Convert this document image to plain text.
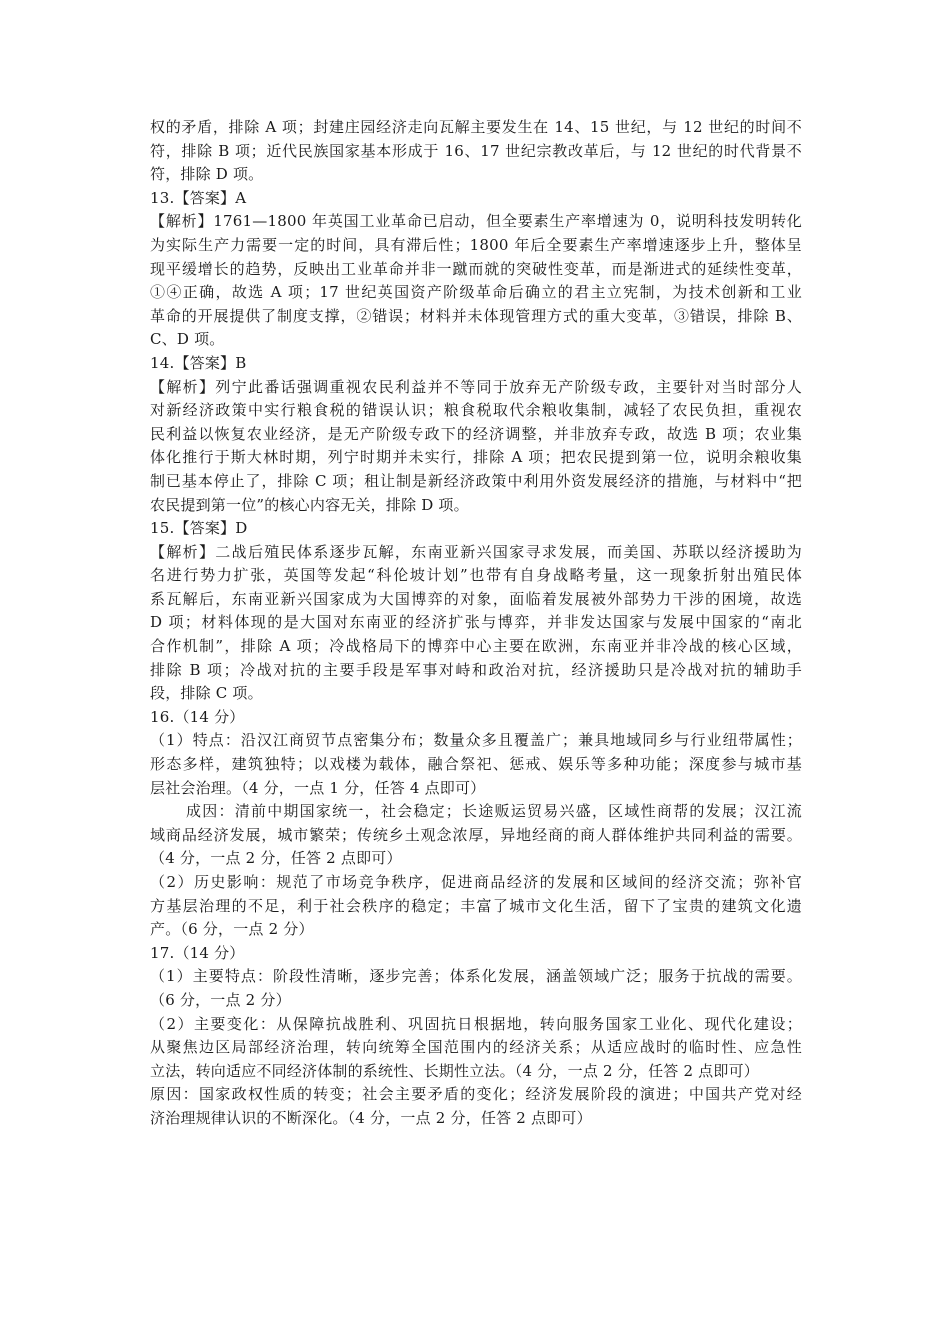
权的矛盾，排除 A 项；封建庄园经济走向瓦解主要发生在 14、15 世纪，与 12 世纪的时间不
符，排除 B 项；近代民族国家基本形成于 16、17 世纪宗教改革后，与 12 世纪的时代背景不
符，排除 D 项。
13.【答案】A
【解析】1761—1800 年英国工业革命已启动，但全要素生产率增速为 0，说明科技发明转化
为实际生产力需要一定的时间，具有滞后性；1800 年后全要素生产率增速逐步上升，整体呈
现平缓增长的趋势，反映出工业革命并非一蹴而就的突破性变革，而是渐进式的延续性变革，
①④正确，故选 A 项；17 世纪英国资产阶级革命后确立的君主立宪制，为技术创新和工业
革命的开展提供了制度支撑，②错误；材料并未体现管理方式的重大变革，③错误，排除 B、
C、D 项。
14.【答案】B
【解析】列宁此番话强调重视农民利益并不等同于放弃无产阶级专政，主要针对当时部分人
对新经济政策中实行粮食税的错误认识；粮食税取代余粮收集制，减轻了农民负担，重视农
民利益以恢复农业经济，是无产阶级专政下的经济调整，并非放弃专政，故选 B 项；农业集
体化推行于斯大林时期，列宁时期并未实行，排除 A 项；把农民提到第一位，说明余粮收集
制已基本停止了，排除 C 项；租让制是新经济政策中利用外资发展经济的措施，与材料中“把
农民提到第一位”的核心内容无关，排除 D 项。
15.【答案】D
【解析】二战后殖民体系逐步瓦解，东南亚新兴国家寻求发展，而美国、苏联以经济援助为
名进行势力扩张，英国等发起“科伦坡计划”也带有自身战略考量，这一现象折射出殖民体
系瓦解后，东南亚新兴国家成为大国博弈的对象，面临着发展被外部势力干涉的困境，故选
D 项；材料体现的是大国对东南亚的经济扩张与博弈，并非发达国家与发展中国家的“南北
合作机制”，排除 A 项；冷战格局下的博弈中心主要在欧洲，东南亚并非冷战的核心区域，
排除 B 项；冷战对抗的主要手段是军事对峙和政治对抗，经济援助只是冷战对抗的辅助手
段，排除 C 项。
16.（14 分）
（1）特点：沿汉江商贸节点密集分布；数量众多且覆盖广；兼具地域同乡与行业纽带属性；
形态多样，建筑独特；以戏楼为载体，融合祭祀、惩戒、娱乐等多种功能；深度参与城市基
层社会治理。（4 分，一点 1 分，任答 4 点即可）
成因：清前中期国家统一，社会稳定；长途贩运贸易兴盛，区域性商帮的发展；汉江流
域商品经济发展，城市繁荣；传统乡土观念浓厚，异地经商的商人群体维护共同利益的需要。
（4 分，一点 2 分，任答 2 点即可）
（2）历史影响：规范了市场竞争秩序，促进商品经济的发展和区域间的经济交流；弥补官
方基层治理的不足，利于社会秩序的稳定；丰富了城市文化生活，留下了宝贵的建筑文化遗
产。（6 分，一点 2 分）
17.（14 分）
（1）主要特点：阶段性清晰，逐步完善；体系化发展，涵盖领域广泛；服务于抗战的需要。
（6 分，一点 2 分）
（2）主要变化：从保障抗战胜利、巩固抗日根据地，转向服务国家工业化、现代化建设；
从聚焦边区局部经济治理，转向统筹全国范围内的经济关系；从适应战时的临时性、应急性
立法，转向适应不同经济体制的系统性、长期性立法。（4 分，一点 2 分，任答 2 点即可）
原因：国家政权性质的转变；社会主要矛盾的变化；经济发展阶段的演进；中国共产党对经
济治理规律认识的不断深化。（4 分，一点 2 分，任答 2 点即可）
